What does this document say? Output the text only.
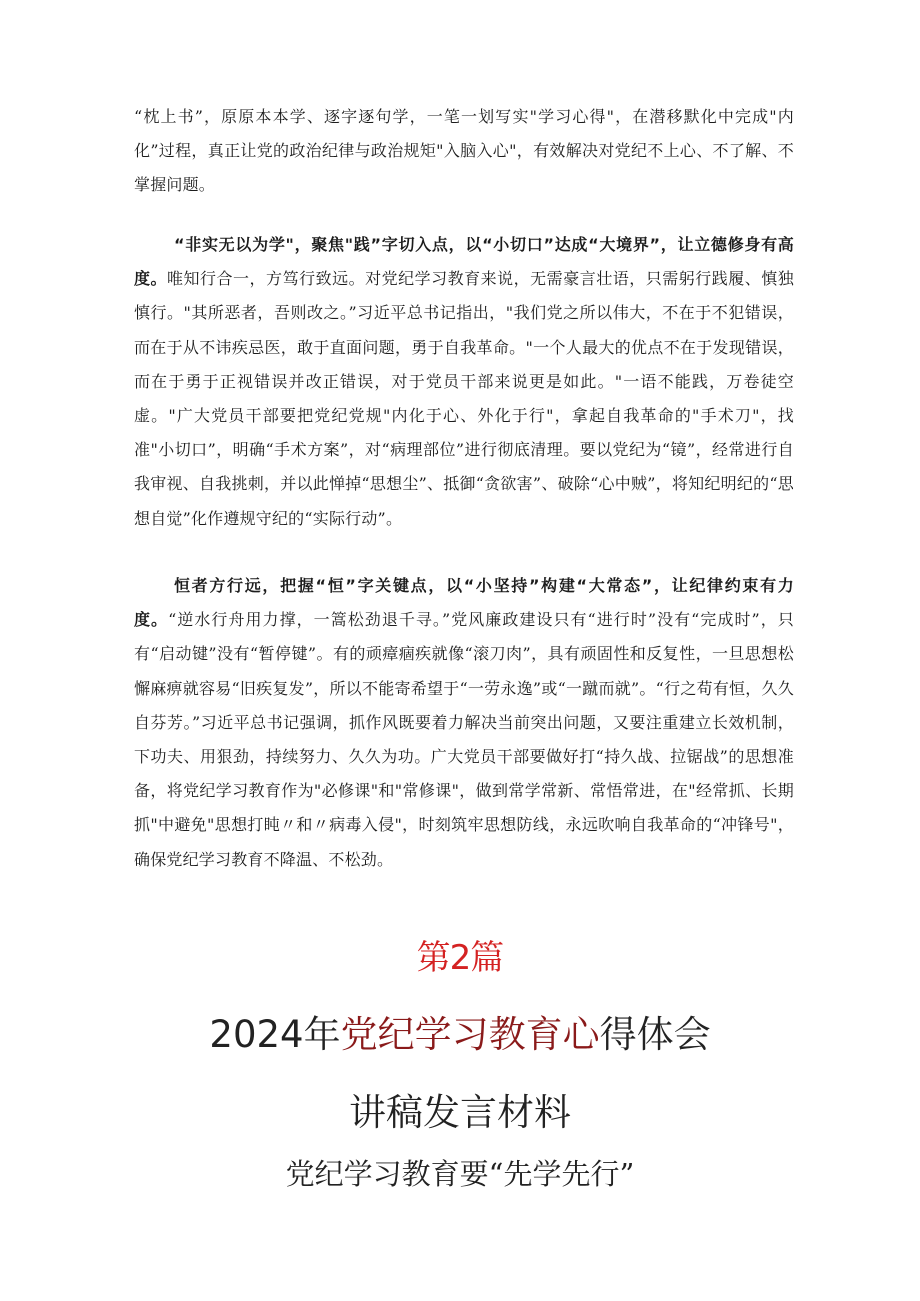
“枕上书”，原原本本学、逐字逐句学，一笔一划写实"学习心得"，在潜移默化中完成"内化”过程，真正让党的政治纪律与政治规矩"入脑入心"，有效解决对党纪不上心、不了解、不掌握问题。

“非实无以为学"，聚焦"践”字切入点，以“小切口”达成“大境界”，让立德修身有高度。唯知行合一，方笃行致远。对党纪学习教育来说，无需豪言壮语，只需躬行践履、慎独慎行。"其所恶者，吾则改之。”习近平总书记指出，"我们党之所以伟大，不在于不犯错误，而在于从不讳疾忌医，敢于直面问题，勇于自我革命。"一个人最大的优点不在于发现错误，而在于勇于正视错误并改正错误，对于党员干部来说更是如此。"一语不能践，万卷徒空虚。"广大党员干部要把党纪党规"内化于心、外化于行"，拿起自我革命的"手术刀"，找准"小切口”，明确“手术方案”，对“病理部位”进行彻底清理。要以党纪为“镜”，经常进行自我审视、自我挑刺，并以此惮掉“思想尘”、抵御“贪欲害”、破除“心中贼”，将知纪明纪的“思想自觉”化作遵规守纪的“实际行动”。

恒者方行远，把握“恒”字关键点，以“小坚持”构建“大常态”，让纪律约束有力度。“逆水行舟用力撑，一篙松劲退千寻。”党风廉政建设只有“进行时”没有“完成时”，只有“启动键”没有“暂停键”。有的顽瘴痼疾就像“滚刀肉”，具有顽固性和反复性，一旦思想松懈麻痹就容易“旧疾复发”，所以不能寄希望于“一劳永逸”或“一蹴而就”。“行之苟有恒，久久自芬芳。”习近平总书记强调，抓作风既要着力解决当前突出问题，又要注重建立长效机制，下功夫、用狠劲，持续努力、久久为功。广大党员干部要做好打“持久战、拉锯战”的思想准备，将党纪学习教育作为"必修课"和"常修课"，做到常学常新、常悟常进，在"经常抓、长期抓"中避免"思想打盹〃和〃病毒入侵"，时刻筑牢思想防线，永远吹响自我革命的“冲锋号"，确保党纪学习教育不降温、不松劲。

第2篇
2024年党纪学习教育心得体会
讲稿发言材料
党纪学习教育要“先学先行”
